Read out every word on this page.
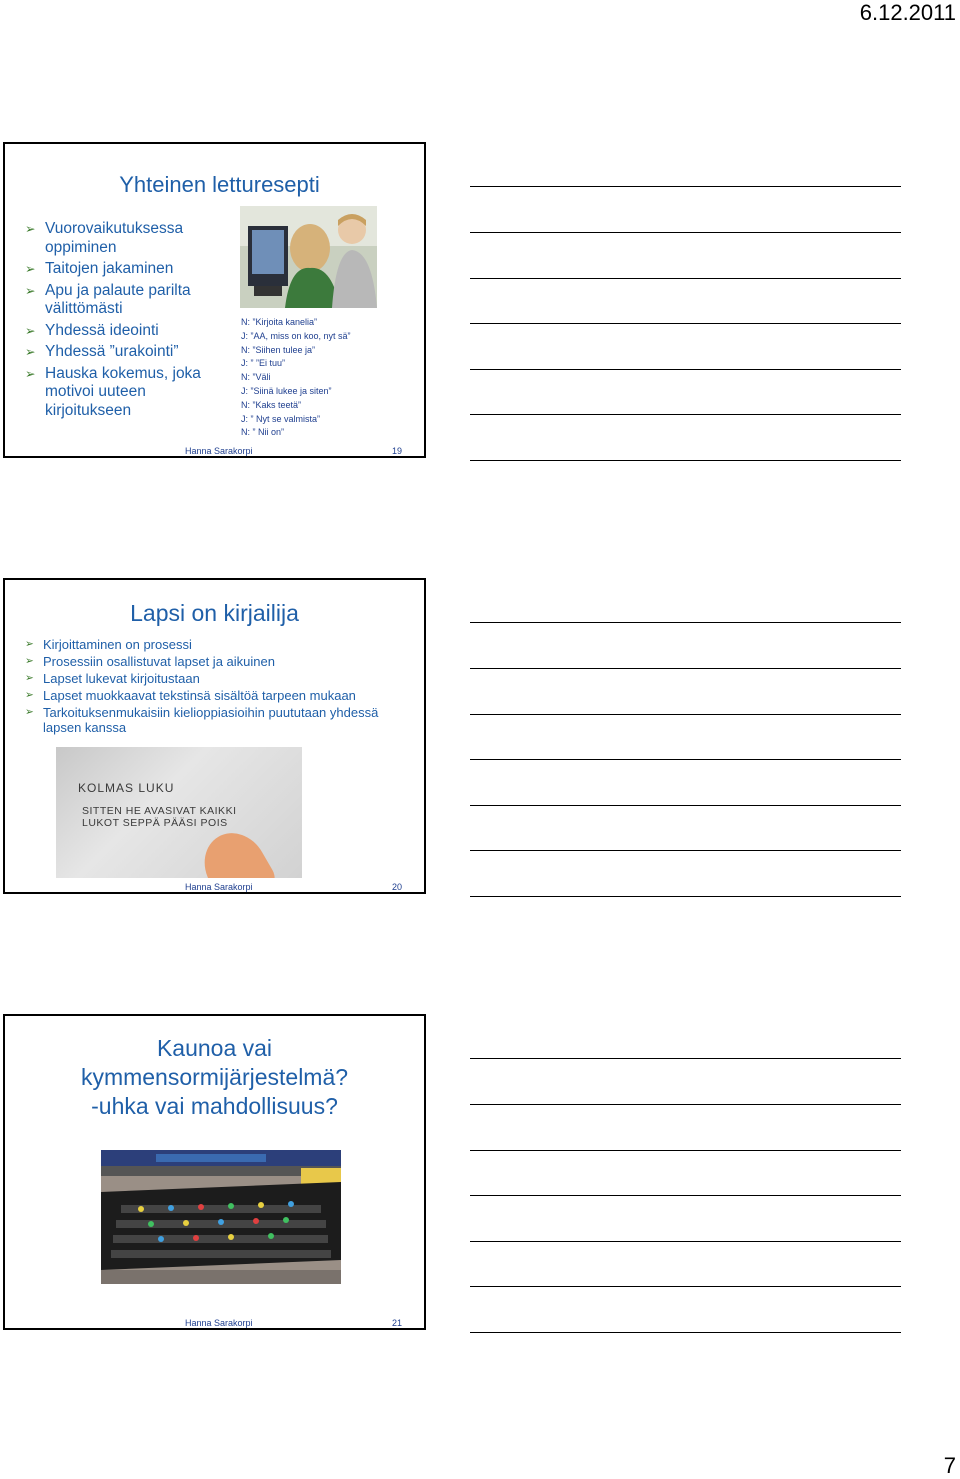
6.12.2011
Yhteinen letturesepti
➢ Vuorovaikutuksessa oppiminen
➢ Taitojen jakaminen
➢ Apu ja palaute parilta välittömästi
➢ Yhdessä ideointi
➢ Yhdessä ”urakointi”
➢ Hauska kokemus, joka motivoi uuteen kirjoitukseen
N: ”Kirjoita kanelia”
J: ”AA, miss on koo, nyt sä”
N: ”Siihen tulee ja”
J: ” ”Ei tuu”
N: ”Väli
J: ”Siinä lukee ja siten”
N: ”Kaks teetä”
J: ” Nyt se valmista”
N: ” Nii on”
Hanna Sarakorpi	19
Lapsi on kirjailija
➢ Kirjoittaminen on prosessi
➢ Prosessiin osallistuvat lapset ja aikuinen
➢ Lapset lukevat kirjoitustaan
➢ Lapset muokkaavat tekstinsä sisältöä tarpeen mukaan
➢ Tarkoituksenmukaisiin kielioppiasioihin puututaan yhdessä lapsen kanssa
KOLMAS LUKU
SITTEN HE AVASIVAT KAIKKI
LUKOT SEPPÄ PÄÄSI POIS
Hanna Sarakorpi	20
Kaunoa vai
kymmensormijärjestelmä?
-uhka vai mahdollisuus?
Hanna Sarakorpi	21
7
